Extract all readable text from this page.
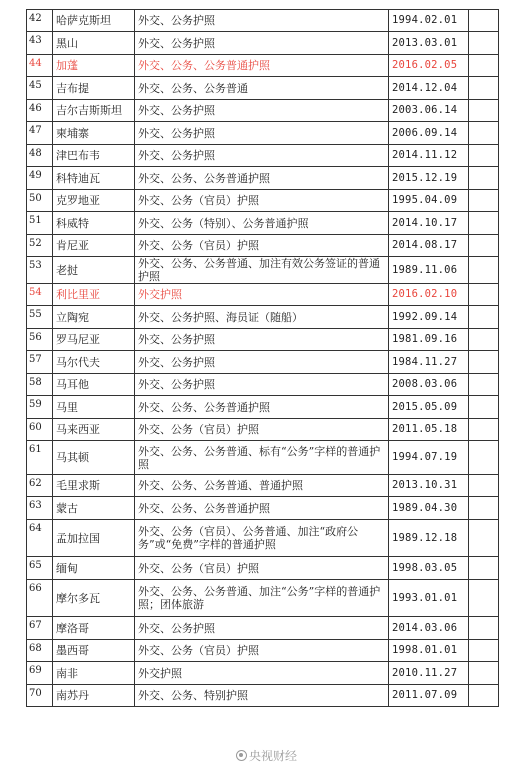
42	哈萨克斯坦	外交、公务护照	1994.02.01	
43	黑山	外交、公务护照	2013.03.01	
44	加蓬	外交、公务、公务普通护照	2016.02.05	
45	吉布提	外交、公务、公务普通	2014.12.04	
46	吉尔吉斯斯坦	外交、公务护照	2003.06.14	
47	柬埔寨	外交、公务护照	2006.09.14	
48	津巴布韦	外交、公务护照	2014.11.12	
49	科特迪瓦	外交、公务、公务普通护照	2015.12.19	
50	克罗地亚	外交、公务（官员）护照	1995.04.09	
51	科威特	外交、公务（特别）、公务普通护照	2014.10.17	
52	肯尼亚	外交、公务（官员）护照	2014.08.17	
53	老挝	外交、公务、公务普通、加注有效公务签证的普通护照	1989.11.06	
54	利比里亚	外交护照	2016.02.10	
55	立陶宛	外交、公务护照、海员证（随船）	1992.09.14	
56	罗马尼亚	外交、公务护照	1981.09.16	
57	马尔代夫	外交、公务护照	1984.11.27	
58	马耳他	外交、公务护照	2008.03.06	
59	马里	外交、公务、公务普通护照	2015.05.09	
60	马来西亚	外交、公务（官员）护照	2011.05.18	
61	马其顿	外交、公务、公务普通、标有“公务”字样的普通护照	1994.07.19	
62	毛里求斯	外交、公务、公务普通、普通护照	2013.10.31	
63	蒙古	外交、公务、公务普通护照	1989.04.30	
64	孟加拉国	外交、公务（官员）、公务普通、加注“政府公务”或“免费”字样的普通护照	1989.12.18	
65	缅甸	外交、公务（官员）护照	1998.03.05	
66	摩尔多瓦	外交、公务、公务普通、加注“公务”字样的普通护照；团体旅游	1993.01.01	
67	摩洛哥	外交、公务护照	2014.03.06	
68	墨西哥	外交、公务（官员）护照	1998.01.01	
69	南非	外交护照	2010.11.27	
70	南苏丹	外交、公务、特别护照	2011.07.09	
央视财经
